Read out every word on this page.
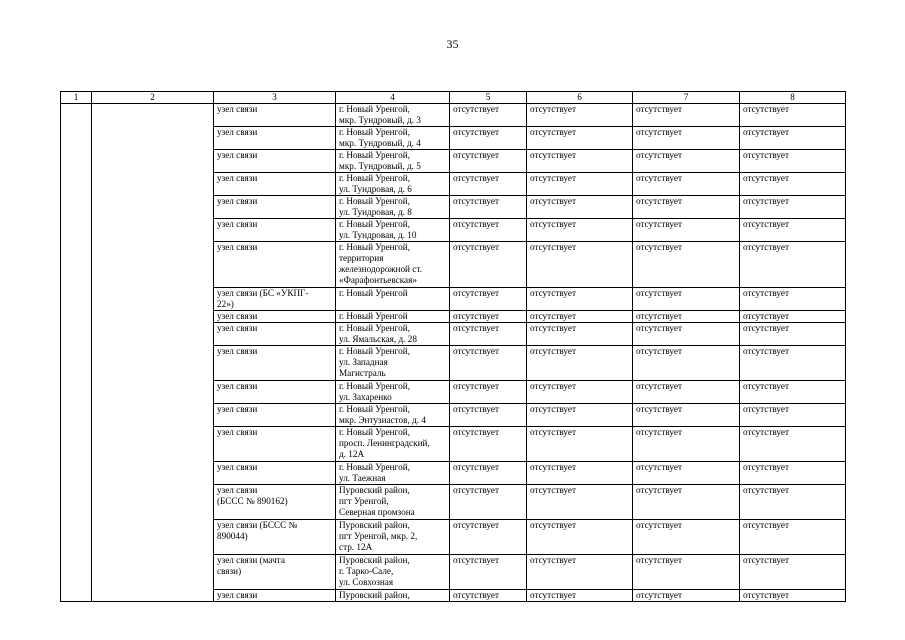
35
1	2	3	4	5	6	7	8
		узел связи	г. Новый Уренгой,
мкр. Тундровый, д. 3	отсутствует	отсутствует	отсутствует	отсутствует
		узел связи	г. Новый Уренгой,
мкр. Тундровый, д. 4	отсутствует	отсутствует	отсутствует	отсутствует
		узел связи	г. Новый Уренгой,
мкр. Тундровый, д. 5	отсутствует	отсутствует	отсутствует	отсутствует
		узел связи	г. Новый Уренгой,
ул. Тундровая, д. 6	отсутствует	отсутствует	отсутствует	отсутствует
		узел связи	г. Новый Уренгой,
ул. Тундровая, д. 8	отсутствует	отсутствует	отсутствует	отсутствует
		узел связи	г. Новый Уренгой,
ул. Тундровая, д. 10	отсутствует	отсутствует	отсутствует	отсутствует
		узел связи	г. Новый Уренгой,
территория
железнодорожной ст.
«Фарафонтьевская»	отсутствует	отсутствует	отсутствует	отсутствует
		узел связи (БС «УКПГ-
22»)	г. Новый Уренгой	отсутствует	отсутствует	отсутствует	отсутствует
		узел связи	г. Новый Уренгой	отсутствует	отсутствует	отсутствует	отсутствует
		узел связи	г. Новый Уренгой,
ул. Ямальская, д. 28	отсутствует	отсутствует	отсутствует	отсутствует
		узел связи	г. Новый Уренгой,
ул. Западная
Магистраль	отсутствует	отсутствует	отсутствует	отсутствует
		узел связи	г. Новый Уренгой,
ул. Захаренко	отсутствует	отсутствует	отсутствует	отсутствует
		узел связи	г. Новый Уренгой,
мкр. Энтузиастов, д. 4	отсутствует	отсутствует	отсутствует	отсутствует
		узел связи	г. Новый Уренгой,
просп. Ленинградский,
д. 12А	отсутствует	отсутствует	отсутствует	отсутствует
		узел связи	г. Новый Уренгой,
ул. Таежная	отсутствует	отсутствует	отсутствует	отсутствует
		узел связи
(БССС № 890162)	Пуровский район,
пгт Уренгой,
Северная промзона	отсутствует	отсутствует	отсутствует	отсутствует
		узел связи (БССС №
890044)	Пуровский район,
пгт Уренгой, мкр. 2,
стр. 12А	отсутствует	отсутствует	отсутствует	отсутствует
		узел связи (мачта
связи)	Пуровский район,
г. Тарко-Сале,
ул. Совхозная	отсутствует	отсутствует	отсутствует	отсутствует
		узел связи	Пуровский район,	отсутствует	отсутствует	отсутствует	отсутствует
